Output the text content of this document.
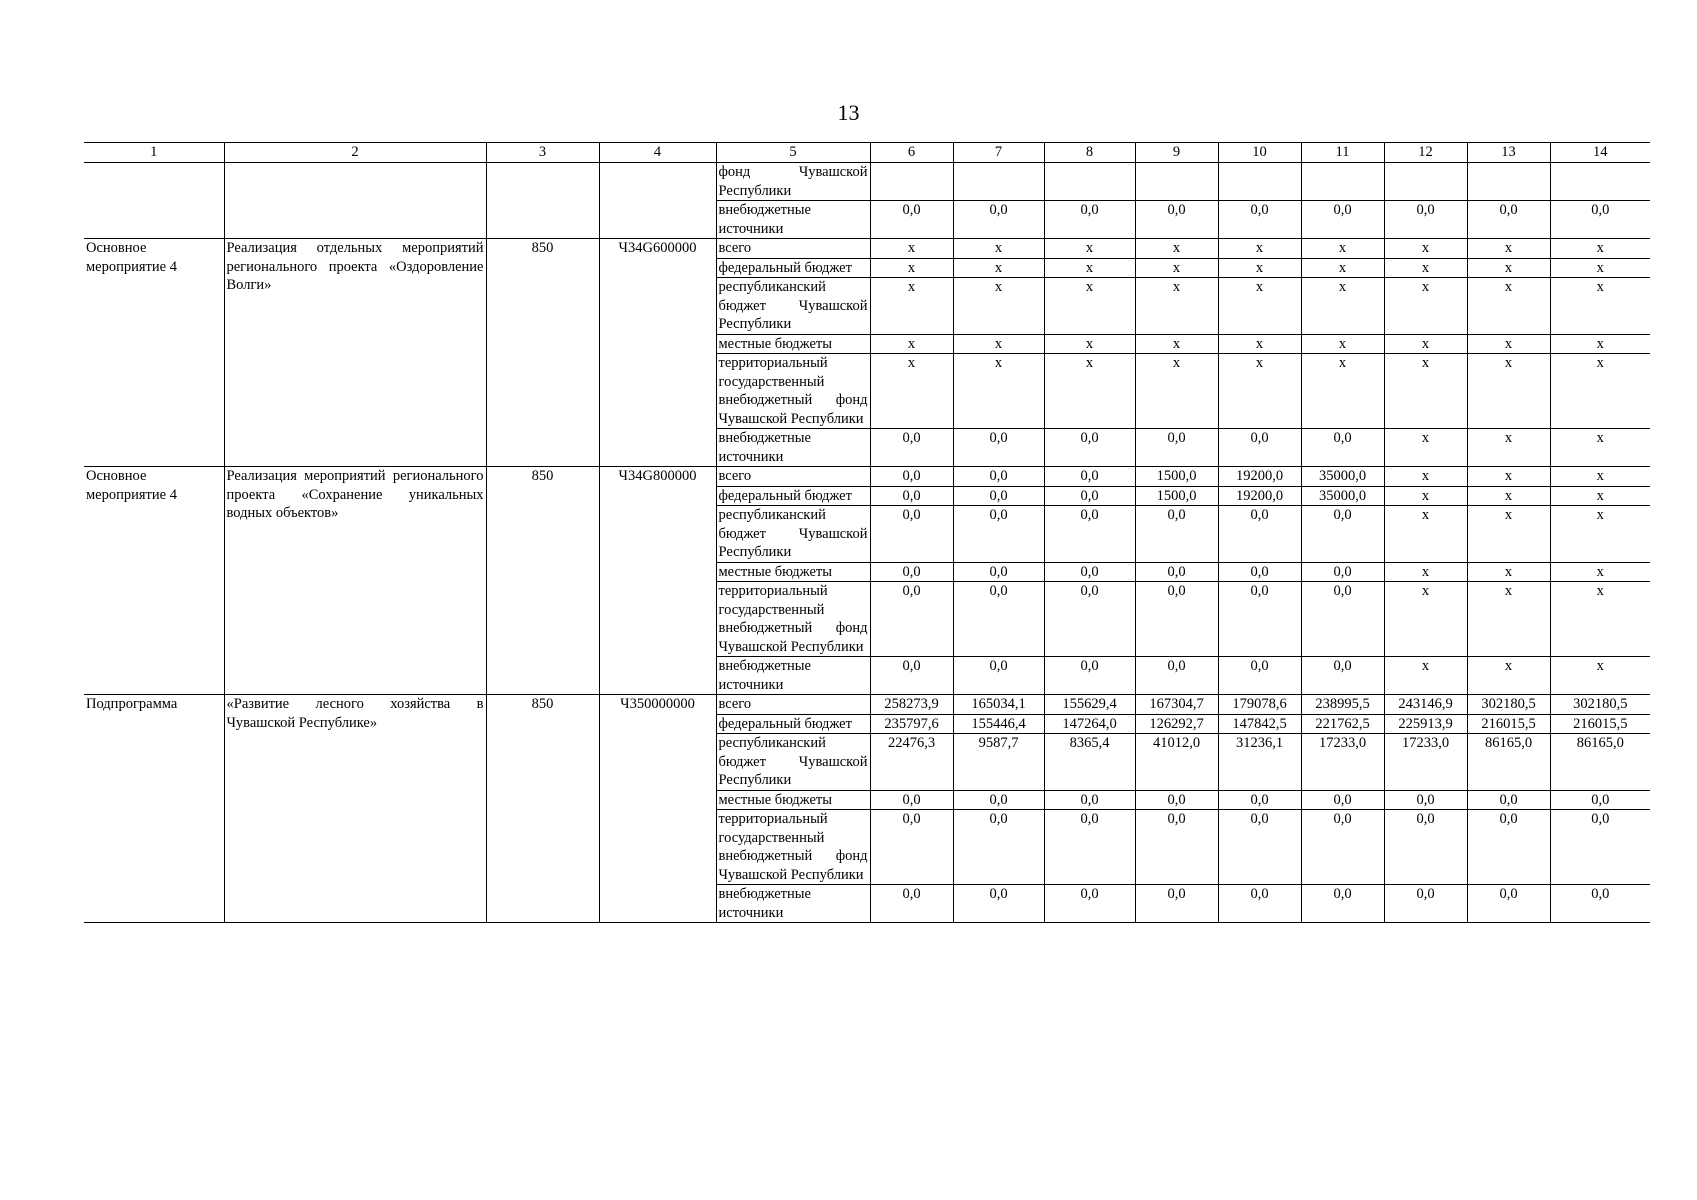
13
1	2	3	4	5	6	7	8	9	10	11	12	13	14
				фонд Чувашской Республики									
				внебюджетные источники	0,0	0,0	0,0	0,0	0,0	0,0	0,0	0,0	0,0
Основное мероприятие 4	Реализация отдельных мероприятий регионального проекта «Оздоровление Волги»	850	Ч34G600000	всего	x	x	x	x	x	x	x	x	x
				федеральный бюджет	x	x	x	x	x	x	x	x	x
				республиканский бюджет Чувашской Республики	x	x	x	x	x	x	x	x	x
				местные бюджеты	x	x	x	x	x	x	x	x	x
				территориальный государственный внебюджетный фонд Чувашской Республики	x	x	x	x	x	x	x	x	x
				внебюджетные источники	0,0	0,0	0,0	0,0	0,0	0,0	x	x	x
Основное мероприятие 4	Реализация мероприятий регионального проекта «Сохранение уникальных водных объектов»	850	Ч34G800000	всего	0,0	0,0	0,0	1500,0	19200,0	35000,0	x	x	x
				федеральный бюджет	0,0	0,0	0,0	1500,0	19200,0	35000,0	x	x	x
				республиканский бюджет Чувашской Республики	0,0	0,0	0,0	0,0	0,0	0,0	x	x	x
				местные бюджеты	0,0	0,0	0,0	0,0	0,0	0,0	x	x	x
				территориальный государственный внебюджетный фонд Чувашской Республики	0,0	0,0	0,0	0,0	0,0	0,0	x	x	x
				внебюджетные источники	0,0	0,0	0,0	0,0	0,0	0,0	x	x	x
Подпрограмма	«Развитие лесного хозяйства в Чувашской Республике»	850	Ч350000000	всего	258273,9	165034,1	155629,4	167304,7	179078,6	238995,5	243146,9	302180,5	302180,5
				федеральный бюджет	235797,6	155446,4	147264,0	126292,7	147842,5	221762,5	225913,9	216015,5	216015,5
				республиканский бюджет Чувашской Республики	22476,3	9587,7	8365,4	41012,0	31236,1	17233,0	17233,0	86165,0	86165,0
				местные бюджеты	0,0	0,0	0,0	0,0	0,0	0,0	0,0	0,0	0,0
				территориальный государственный внебюджетный фонд Чувашской Республики	0,0	0,0	0,0	0,0	0,0	0,0	0,0	0,0	0,0
				внебюджетные источники	0,0	0,0	0,0	0,0	0,0	0,0	0,0	0,0	0,0
